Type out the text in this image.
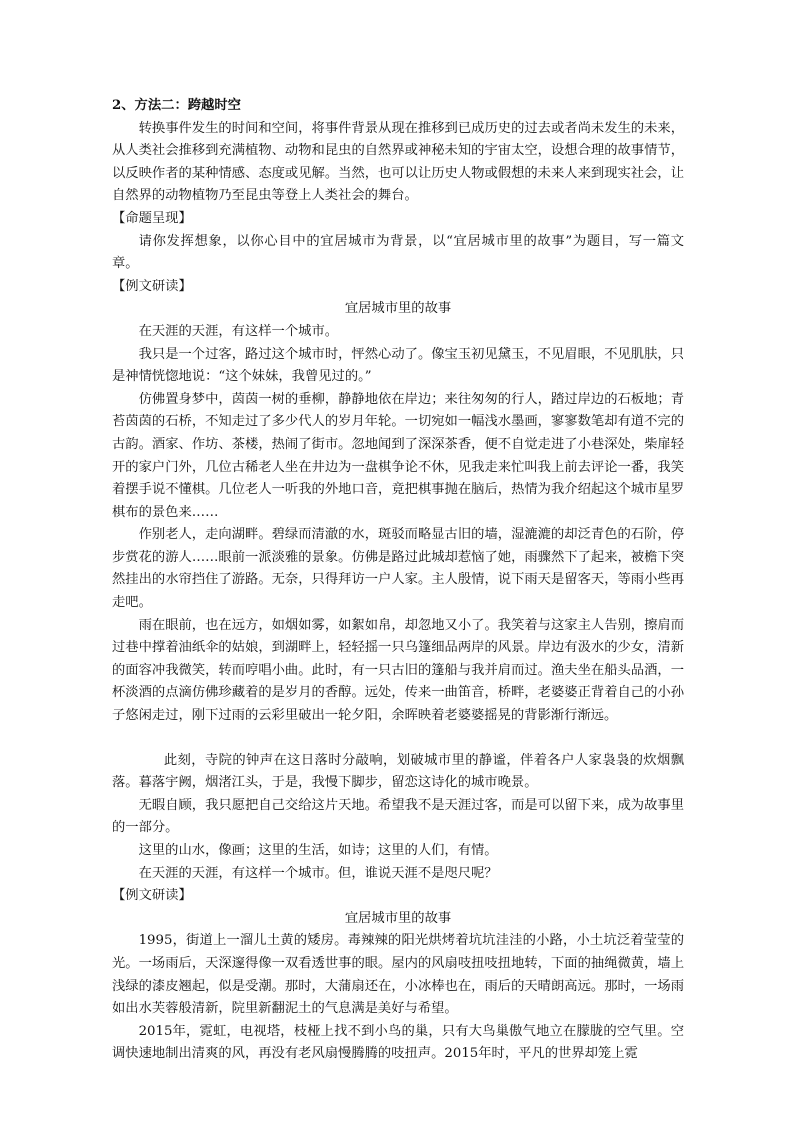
2、方法二：跨越时空

转换事件发生的时间和空间，将事件背景从现在推移到已成历史的过去或者尚未发生的未来，从人类社会推移到充满植物、动物和昆虫的自然界或神秘未知的宇宙太空，设想合理的故事情节，以反映作者的某种情感、态度或见解。当然，也可以让历史人物或假想的未来人来到现实社会，让自然界的动物植物乃至昆虫等登上人类社会的舞台。

【命题呈现】

请你发挥想象，以你心目中的宜居城市为背景，以“宜居城市里的故事”为题目，写一篇文章。

【例文研读】

宜居城市里的故事

在天涯的天涯，有这样一个城市。

我只是一个过客，路过这个城市时，怦然心动了。像宝玉初见黛玉，不见眉眼，不见肌肤，只是神情恍惚地说：“这个妹妹，我曾见过的。”

仿佛置身梦中，茵茵一树的垂柳，静静地依在岸边；来往匆匆的行人，踏过岸边的石板地；青苔茵茵的石桥，不知走过了多少代人的岁月年轮。一切宛如一幅浅水墨画，寥寥数笔却有道不完的古韵。酒家、作坊、茶楼，热闹了街市。忽地闻到了深深茶香，便不自觉走进了小巷深处，柴扉轻开的家户门外，几位古稀老人坐在井边为一盘棋争论不休，见我走来忙叫我上前去评论一番，我笑着摆手说不懂棋。几位老人一听我的外地口音，竟把棋事抛在脑后，热情为我介绍起这个城市星罗棋布的景色来……

作别老人，走向湖畔。碧绿而清澈的水，斑驳而略显古旧的墙，湿漉漉的却泛青色的石阶，停步赏花的游人……眼前一派淡雅的景象。仿佛是路过此城却惹恼了她，雨骤然下了起来，被檐下突然挂出的水帘挡住了游路。无奈，只得拜访一户人家。主人殷情，说下雨天是留客天，等雨小些再走吧。

雨在眼前，也在远方，如烟如雾，如絮如帛，却忽地又小了。我笑着与这家主人告别，擦肩而过巷中撑着油纸伞的姑娘，到湖畔上，轻轻摇一只乌篷细品两岸的风景。岸边有汲水的少女，清新的面容冲我微笑，转而哼唱小曲。此时，有一只古旧的篷船与我并肩而过。渔夫坐在船头品酒，一杯淡酒的点滴仿佛珍藏着的是岁月的香醇。远处，传来一曲笛音，桥畔，老婆婆正背着自己的小孙子悠闲走过，刚下过雨的云彩里破出一轮夕阳，余晖映着老婆婆摇晃的背影渐行渐远。

此刻，寺院的钟声在这日落时分敲响，划破城市里的静谧，伴着各户人家袅袅的炊烟飘落。暮落宇阙，烟渚江头，于是，我慢下脚步，留恋这诗化的城市晚景。

无暇自顾，我只愿把自己交给这片天地。希望我不是天涯过客，而是可以留下来，成为故事里的一部分。

这里的山水，像画；这里的生活，如诗；这里的人们，有情。

在天涯的天涯，有这样一个城市。但，谁说天涯不是咫尺呢？

【例文研读】

宜居城市里的故事

1995，街道上一溜儿土黄的矮房。毒辣辣的阳光烘烤着坑坑洼洼的小路，小土坑泛着莹莹的光。一场雨后，天深邃得像一双看透世事的眼。屋内的风扇吱扭吱扭地转，下面的抽绳微黄，墙上浅绿的漆皮翘起，似是受潮。那时，大蒲扇还在，小冰棒也在，雨后的天晴朗高远。那时，一场雨如出水芙蓉般清新，院里新翻泥土的气息满是美好与希望。

2015年，霓虹，电视塔，枝桠上找不到小鸟的巢，只有大鸟巢傲气地立在朦胧的空气里。空调快速地制出清爽的风，再没有老风扇慢腾腾的吱扭声。2015年时，平凡的世界却笼上霓
